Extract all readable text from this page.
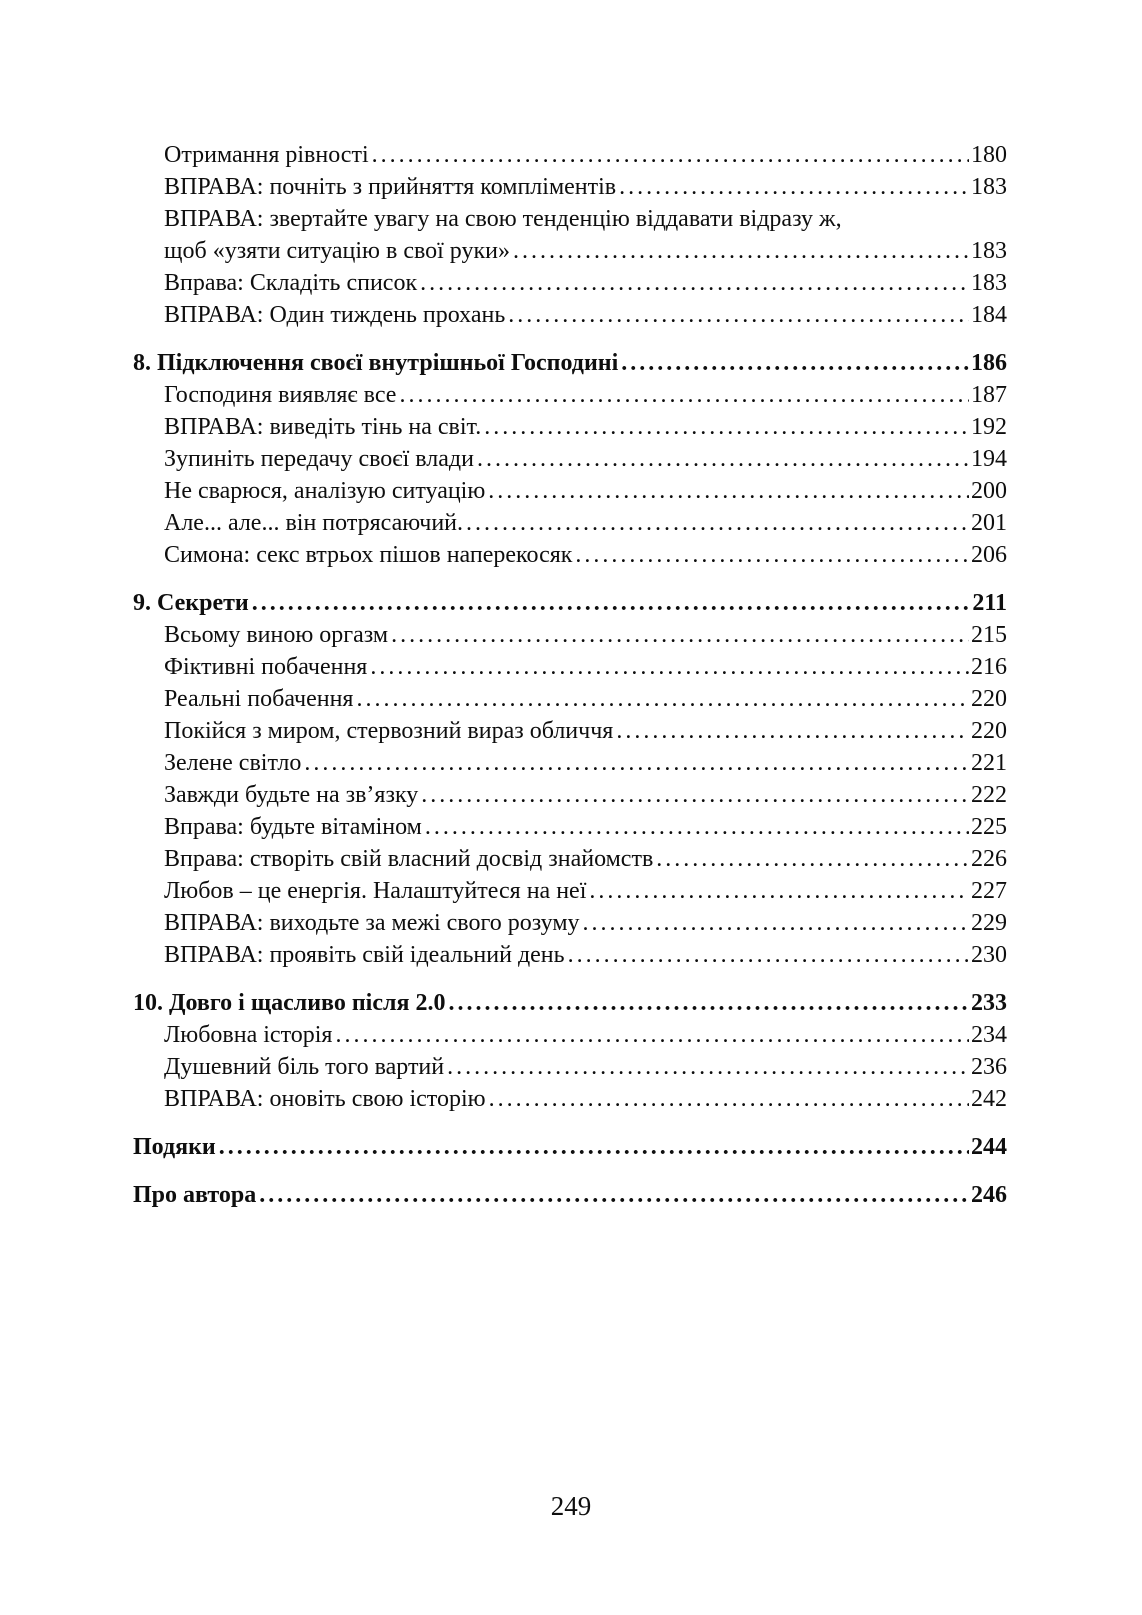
Отримання рівності .....	180
ВПРАВА: почніть з прийняття компліментів .....	183
ВПРАВА: звертайте увагу на свою тенденцію віддавати відразу ж,
щоб «узяти ситуацію в свої руки» .....	183
Вправа: Складіть список .....	183
ВПРАВА: Один тиждень прохань .....	184
8. Підключення своєї внутрішньої Господині .....	186
Господиня виявляє все .....	187
ВПРАВА: виведіть тінь на світ. .....	192
Зупиніть передачу своєї влади .....	194
Не сварюся, аналізую ситуацію .....	200
Але... але... він потрясаючий. .....	201
Симона: секс втрьох пішов наперекосяк .....	206
9. Секрети .....	211
Всьому виною оргазм .....	215
Фіктивні побачення .....	216
Реальні побачення .....	220
Покійся з миром, стервозний вираз обличчя .....	220
Зелене світло .....	221
Завжди будьте на зв’язку .....	222
Вправа: будьте вітаміном .....	225
Вправа: створіть свій власний досвід знайомств .....	226
Любов – це енергія. Налаштуйтеся на неї .....	227
ВПРАВА: виходьте за межі свого розуму .....	229
ВПРАВА: проявіть свій ідеальний день .....	230
10. Довго і щасливо після 2.0 .....	233
Любовна історія .....	234
Душевний біль того вартий .....	236
ВПРАВА: оновіть свою історію .....	242
Подяки .....	244
Про автора .....	246
249
